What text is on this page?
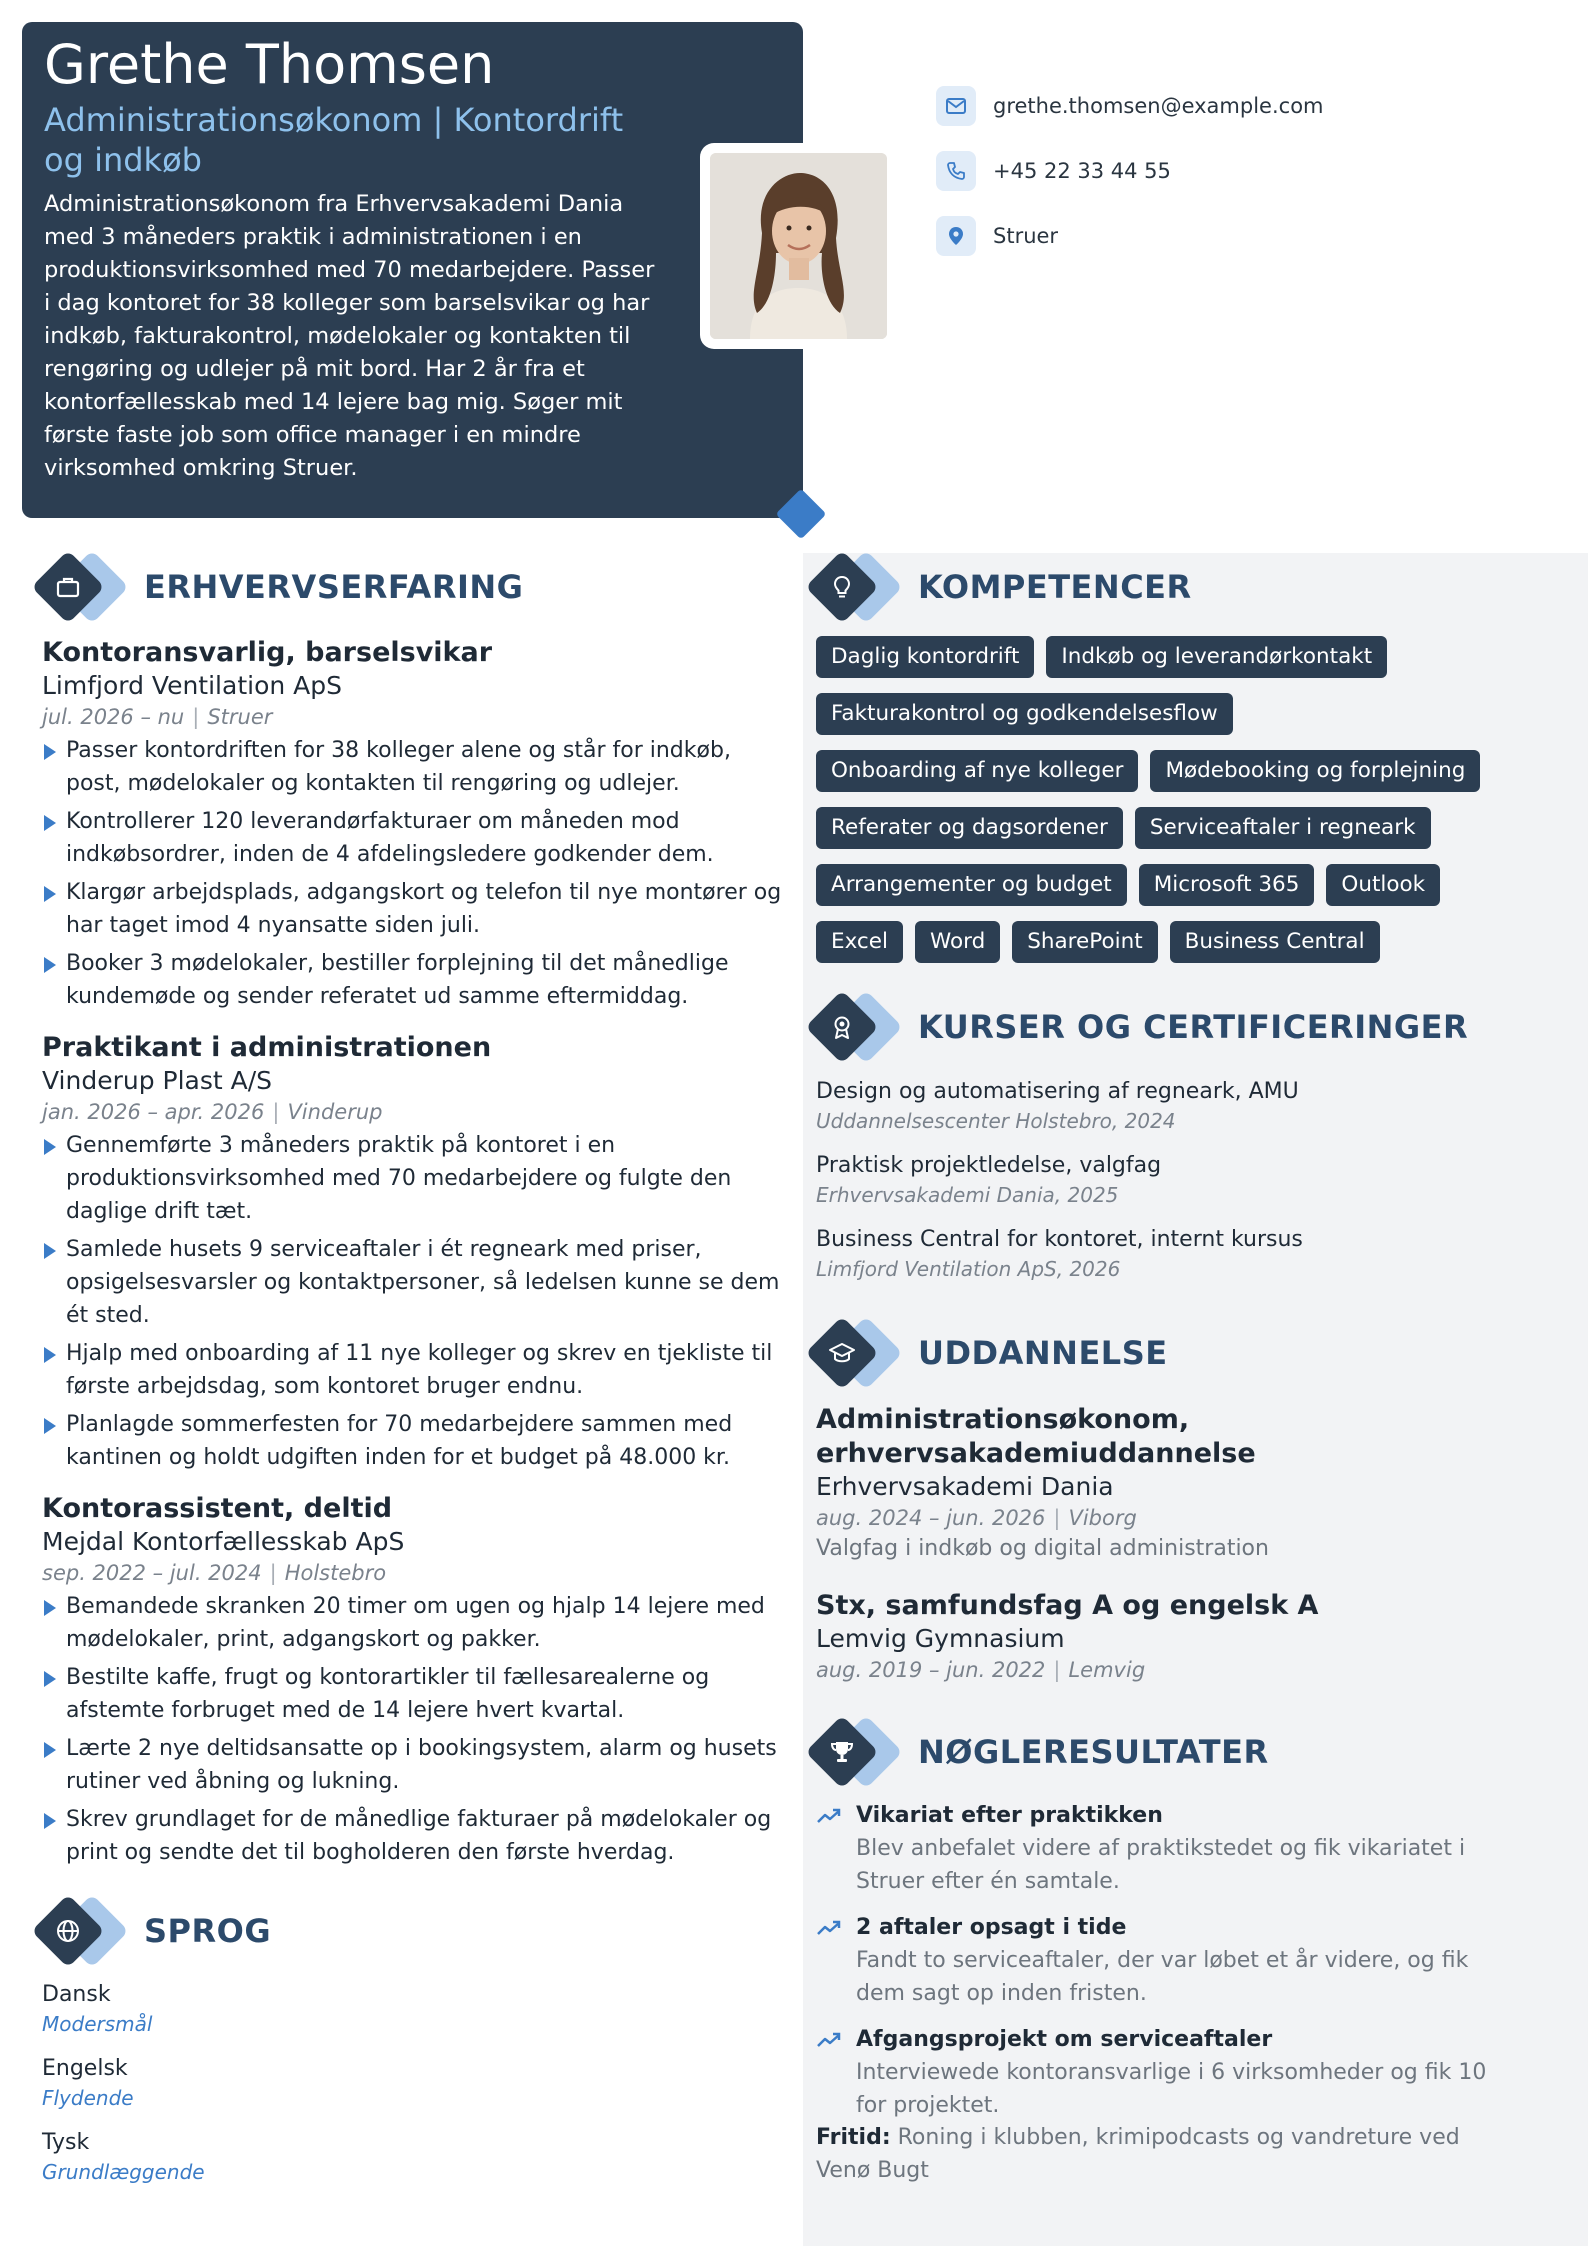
Grethe Thomsen
Administrationsøkonom | Kontordrift og indkøb
Administrationsøkonom fra Erhvervsakademi Dania med 3 måneders praktik i administrationen i en produktionsvirksomhed med 70 medarbejdere. Passer i dag kontoret for 38 kolleger som barselsvikar og har indkøb, fakturakontrol, mødelokaler og kontakten til rengøring og udlejer på mit bord. Har 2 år fra et kontorfællesskab med 14 lejere bag mig. Søger mit første faste job som office manager i en mindre virksomhed omkring Struer.
grethe.thomsen@example.com
+45 22 33 44 55
Struer
ERHVERVSERFARING
Kontoransvarlig, barselsvikar
Limfjord Ventilation ApS
jul. 2026 – nu | Struer
Passer kontordriften for 38 kolleger alene og står for indkøb, post, mødelokaler og kontakten til rengøring og udlejer.
Kontrollerer 120 leverandørfakturaer om måneden mod indkøbsordrer, inden de 4 afdelingsledere godkender dem.
Klargør arbejdsplads, adgangskort og telefon til nye montører og har taget imod 4 nyansatte siden juli.
Booker 3 mødelokaler, bestiller forplejning til det månedlige kundemøde og sender referatet ud samme eftermiddag.
Praktikant i administrationen
Vinderup Plast A/S
jan. 2026 – apr. 2026 | Vinderup
Gennemførte 3 måneders praktik på kontoret i en produktionsvirksomhed med 70 medarbejdere og fulgte den daglige drift tæt.
Samlede husets 9 serviceaftaler i ét regneark med priser, opsigelsesvarsler og kontaktpersoner, så ledelsen kunne se dem ét sted.
Hjalp med onboarding af 11 nye kolleger og skrev en tjekliste til første arbejdsdag, som kontoret bruger endnu.
Planlagde sommerfesten for 70 medarbejdere sammen med kantinen og holdt udgiften inden for et budget på 48.000 kr.
Kontorassistent, deltid
Mejdal Kontorfællesskab ApS
sep. 2022 – jul. 2024 | Holstebro
Bemandede skranken 20 timer om ugen og hjalp 14 lejere med mødelokaler, print, adgangskort og pakker.
Bestilte kaffe, frugt og kontorartikler til fællesarealerne og afstemte forbruget med de 14 lejere hvert kvartal.
Lærte 2 nye deltidsansatte op i bookingsystem, alarm og husets rutiner ved åbning og lukning.
Skrev grundlaget for de månedlige fakturaer på mødelokaler og print og sendte det til bogholderen den første hverdag.
SPROG
Dansk
Modersmål
Engelsk
Flydende
Tysk
Grundlæggende
KOMPETENCER
Daglig kontordrift	Indkøb og leverandørkontakt
Fakturakontrol og godkendelsesflow
Onboarding af nye kolleger	Mødebooking og forplejning
Referater og dagsordener	Serviceaftaler i regneark
Arrangementer og budget	Microsoft 365	Outlook
Excel	Word	SharePoint	Business Central
KURSER OG CERTIFICERINGER
Design og automatisering af regneark, AMU
Uddannelsescenter Holstebro, 2024
Praktisk projektledelse, valgfag
Erhvervsakademi Dania, 2025
Business Central for kontoret, internt kursus
Limfjord Ventilation ApS, 2026
UDDANNELSE
Administrationsøkonom, erhvervsakademiuddannelse
Erhvervsakademi Dania
aug. 2024 – jun. 2026 | Viborg
Valgfag i indkøb og digital administration
Stx, samfundsfag A og engelsk A
Lemvig Gymnasium
aug. 2019 – jun. 2022 | Lemvig
NØGLERESULTATER
Vikariat efter praktikken
Blev anbefalet videre af praktikstedet og fik vikariatet i Struer efter én samtale.
2 aftaler opsagt i tide
Fandt to serviceaftaler, der var løbet et år videre, og fik dem sagt op inden fristen.
Afgangsprojekt om serviceaftaler
Interviewede kontoransvarlige i 6 virksomheder og fik 10 for projektet.
Fritid: Roning i klubben, krimipodcasts og vandreture ved Venø Bugt
